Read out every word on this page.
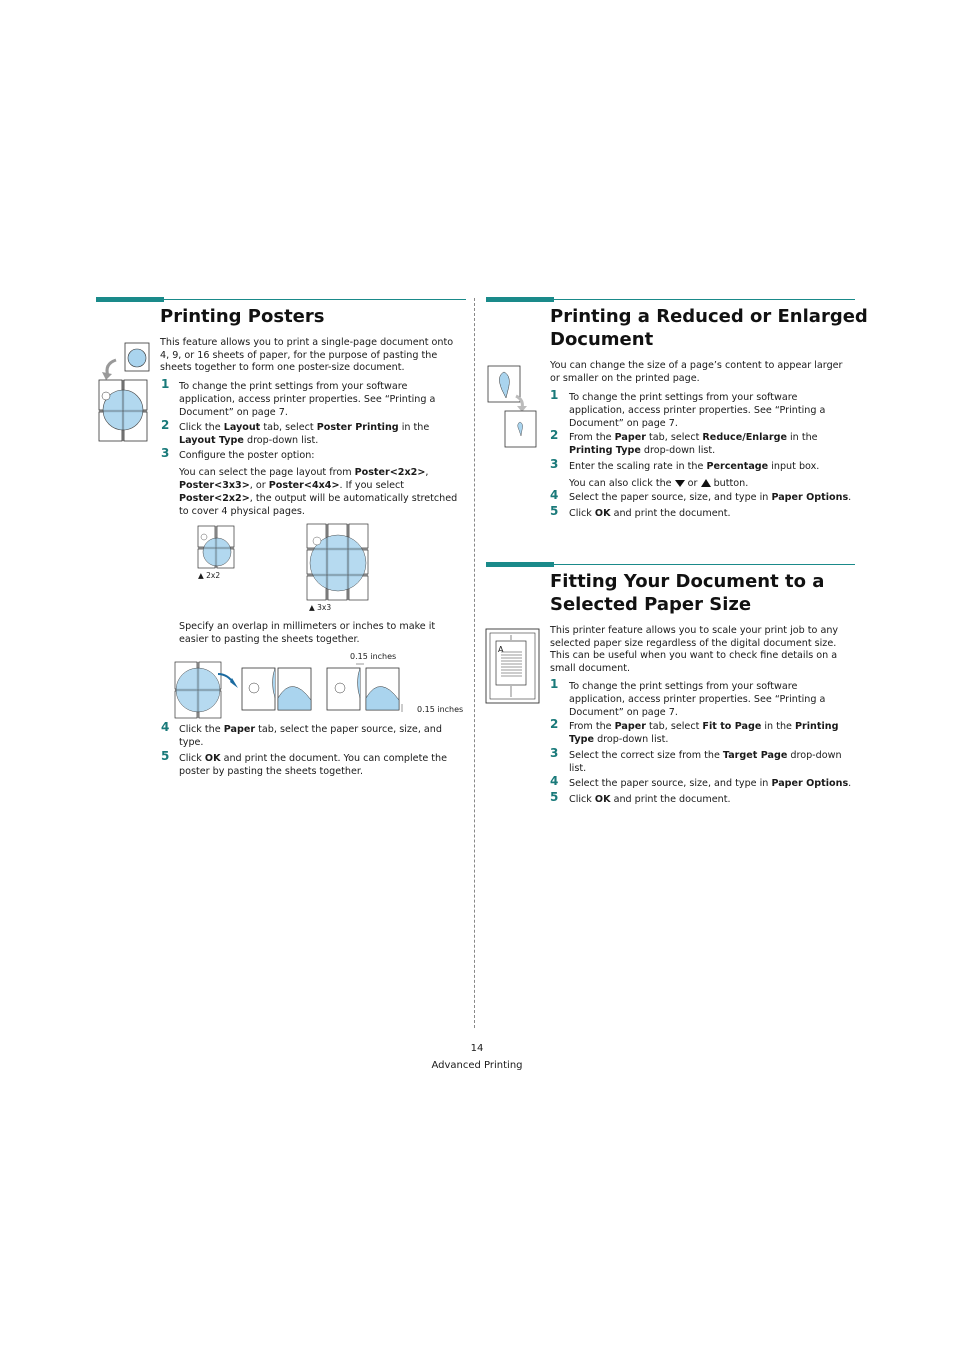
Printing Posters
This feature allows you to print a single-page document onto 4, 9, or 16 sheets of paper, for the purpose of pasting the sheets together to form one poster-size document.
1 To change the print settings from your software application, access printer properties. See “Printing a Document” on page 7.
2 Click the Layout tab, select Poster Printing in the Layout Type drop-down list.
3 Configure the poster option:
You can select the page layout from Poster<2x2>, Poster<3x3>, or Poster<4x4>. If you select Poster<2x2>, the output will be automatically stretched to cover 4 physical pages.
▲ 2x2
▲ 3x3
Specify an overlap in millimeters or inches to make it easier to pasting the sheets together.
0.15 inches
0.15 inches
4 Click the Paper tab, select the paper source, size, and type.
5 Click OK and print the document. You can complete the poster by pasting the sheets together.
Printing a Reduced or Enlarged
Document
You can change the size of a page’s content to appear larger or smaller on the printed page.
1 To change the print settings from your software application, access printer properties. See “Printing a Document” on page 7.
2 From the Paper tab, select Reduce/Enlarge in the Printing Type drop-down list.
3 Enter the scaling rate in the Percentage input box.
You can also click the  or  button.
4 Select the paper source, size, and type in Paper Options.
5 Click OK and print the document.
Fitting Your Document to a
Selected Paper Size
A
This printer feature allows you to scale your print job to any selected paper size regardless of the digital document size. This can be useful when you want to check fine details on a small document.
1 To change the print settings from your software application, access printer properties. See “Printing a Document” on page 7.
2 From the Paper tab, select Fit to Page in the Printing Type drop-down list.
3 Select the correct size from the Target Page drop-down list.
4 Select the paper source, size, and type in Paper Options.
5 Click OK and print the document.
14
Advanced Printing
